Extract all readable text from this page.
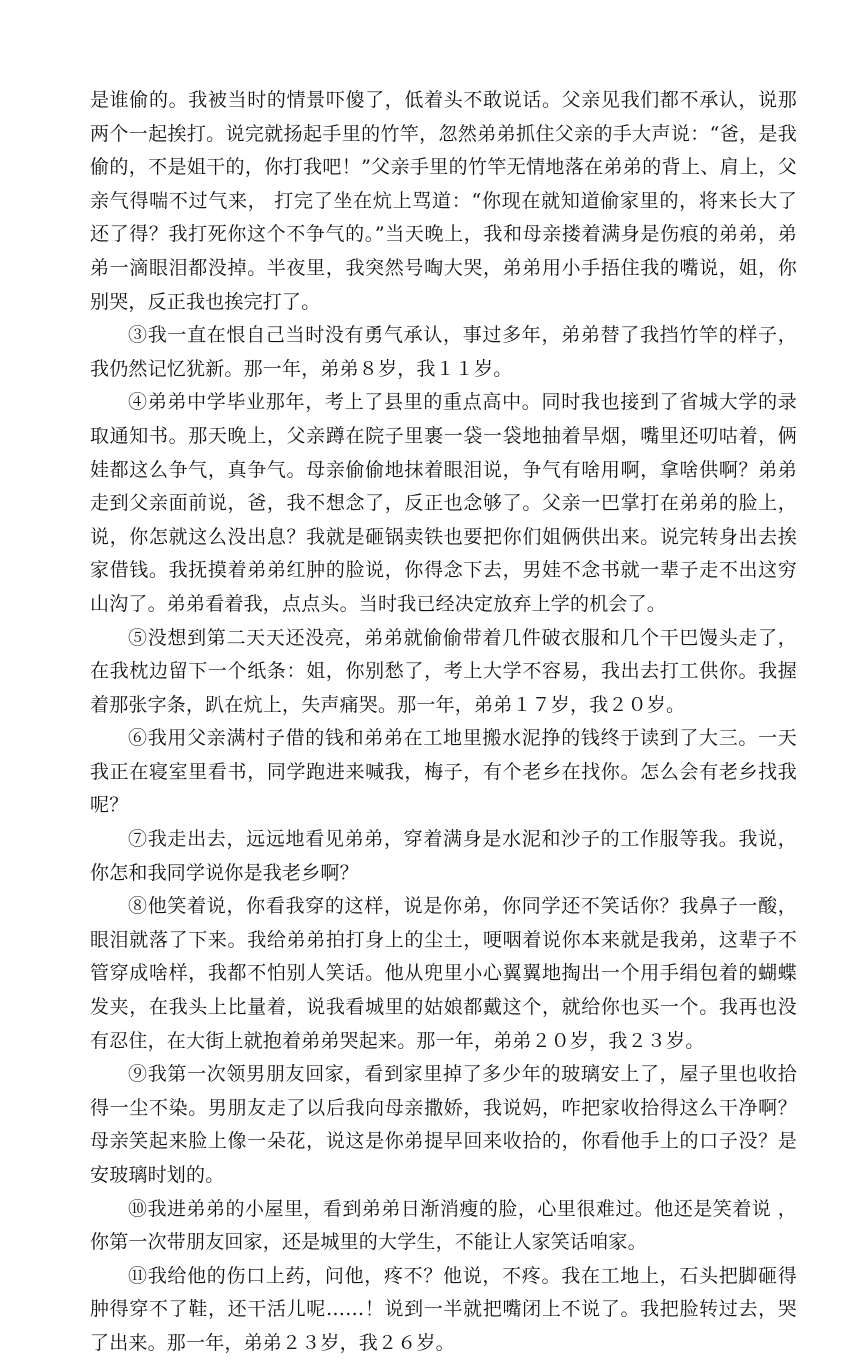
是谁偷的。我被当时的情景吓傻了，低着头不敢说话。父亲见我们都不承认，说那两个一起挨打。说完就扬起手里的竹竿，忽然弟弟抓住父亲的手大声说：“爸，是我偷的，不是姐干的，你打我吧！”父亲手里的竹竿无情地落在弟弟的背上、肩上，父亲气得喘不过气来， 打完了坐在炕上骂道：“你现在就知道偷家里的，将来长大了还了得？我打死你这个不争气的。”当天晚上，我和母亲搂着满身是伤痕的弟弟，弟弟一滴眼泪都没掉。半夜里，我突然号啕大哭，弟弟用小手捂住我的嘴说，姐，你别哭，反正我也挨完打了。

③我一直在恨自己当时没有勇气承认，事过多年，弟弟替了我挡竹竿的样子，我仍然记忆犹新。那一年，弟弟８岁，我１１岁。

④弟弟中学毕业那年，考上了县里的重点高中。同时我也接到了省城大学的录取通知书。那天晚上，父亲蹲在院子里裹一袋一袋地抽着旱烟，嘴里还叨咕着，俩娃都这么争气，真争气。母亲偷偷地抹着眼泪说，争气有啥用啊，拿啥供啊？弟弟走到父亲面前说，爸，我不想念了，反正也念够了。父亲一巴掌打在弟弟的脸上，说，你怎就这么没出息？我就是砸锅卖铁也要把你们姐俩供出来。说完转身出去挨家借钱。我抚摸着弟弟红肿的脸说，你得念下去，男娃不念书就一辈子走不出这穷山沟了。弟弟看着我，点点头。当时我已经决定放弃上学的机会了。

⑤没想到第二天天还没亮，弟弟就偷偷带着几件破衣服和几个干巴馒头走了，在我枕边留下一个纸条：姐，你别愁了，考上大学不容易，我出去打工供你。我握着那张字条，趴在炕上，失声痛哭。那一年，弟弟１７岁，我２０岁。

⑥我用父亲满村子借的钱和弟弟在工地里搬水泥挣的钱终于读到了大三。一天我正在寝室里看书，同学跑进来喊我，梅子，有个老乡在找你。怎么会有老乡找我呢？

⑦我走出去，远远地看见弟弟，穿着满身是水泥和沙子的工作服等我。我说，你怎和我同学说你是我老乡啊？

⑧他笑着说，你看我穿的这样，说是你弟，你同学还不笑话你？我鼻子一酸，眼泪就落了下来。我给弟弟拍打身上的尘土，哽咽着说你本来就是我弟，这辈子不管穿成啥样，我都不怕别人笑话。他从兜里小心翼翼地掏出一个用手绢包着的蝴蝶发夹，在我头上比量着，说我看城里的姑娘都戴这个，就给你也买一个。我再也没有忍住，在大街上就抱着弟弟哭起来。那一年，弟弟２０岁，我２３岁。

⑨我第一次领男朋友回家，看到家里掉了多少年的玻璃安上了，屋子里也收拾得一尘不染。男朋友走了以后我向母亲撒娇，我说妈，咋把家收拾得这么干净啊？母亲笑起来脸上像一朵花，说这是你弟提早回来收拾的，你看他手上的口子没？是安玻璃时划的。

⑩我进弟弟的小屋里，看到弟弟日渐消瘦的脸，心里很难过。他还是笑着说 ，你第一次带朋友回家，还是城里的大学生，不能让人家笑话咱家。

⑪我给他的伤口上药，问他，疼不？他说，不疼。我在工地上，石头把脚砸得肿得穿不了鞋，还干活儿呢……！说到一半就把嘴闭上不说了。我把脸转过去，哭了出来。那一年，弟弟２３岁，我２６岁。
